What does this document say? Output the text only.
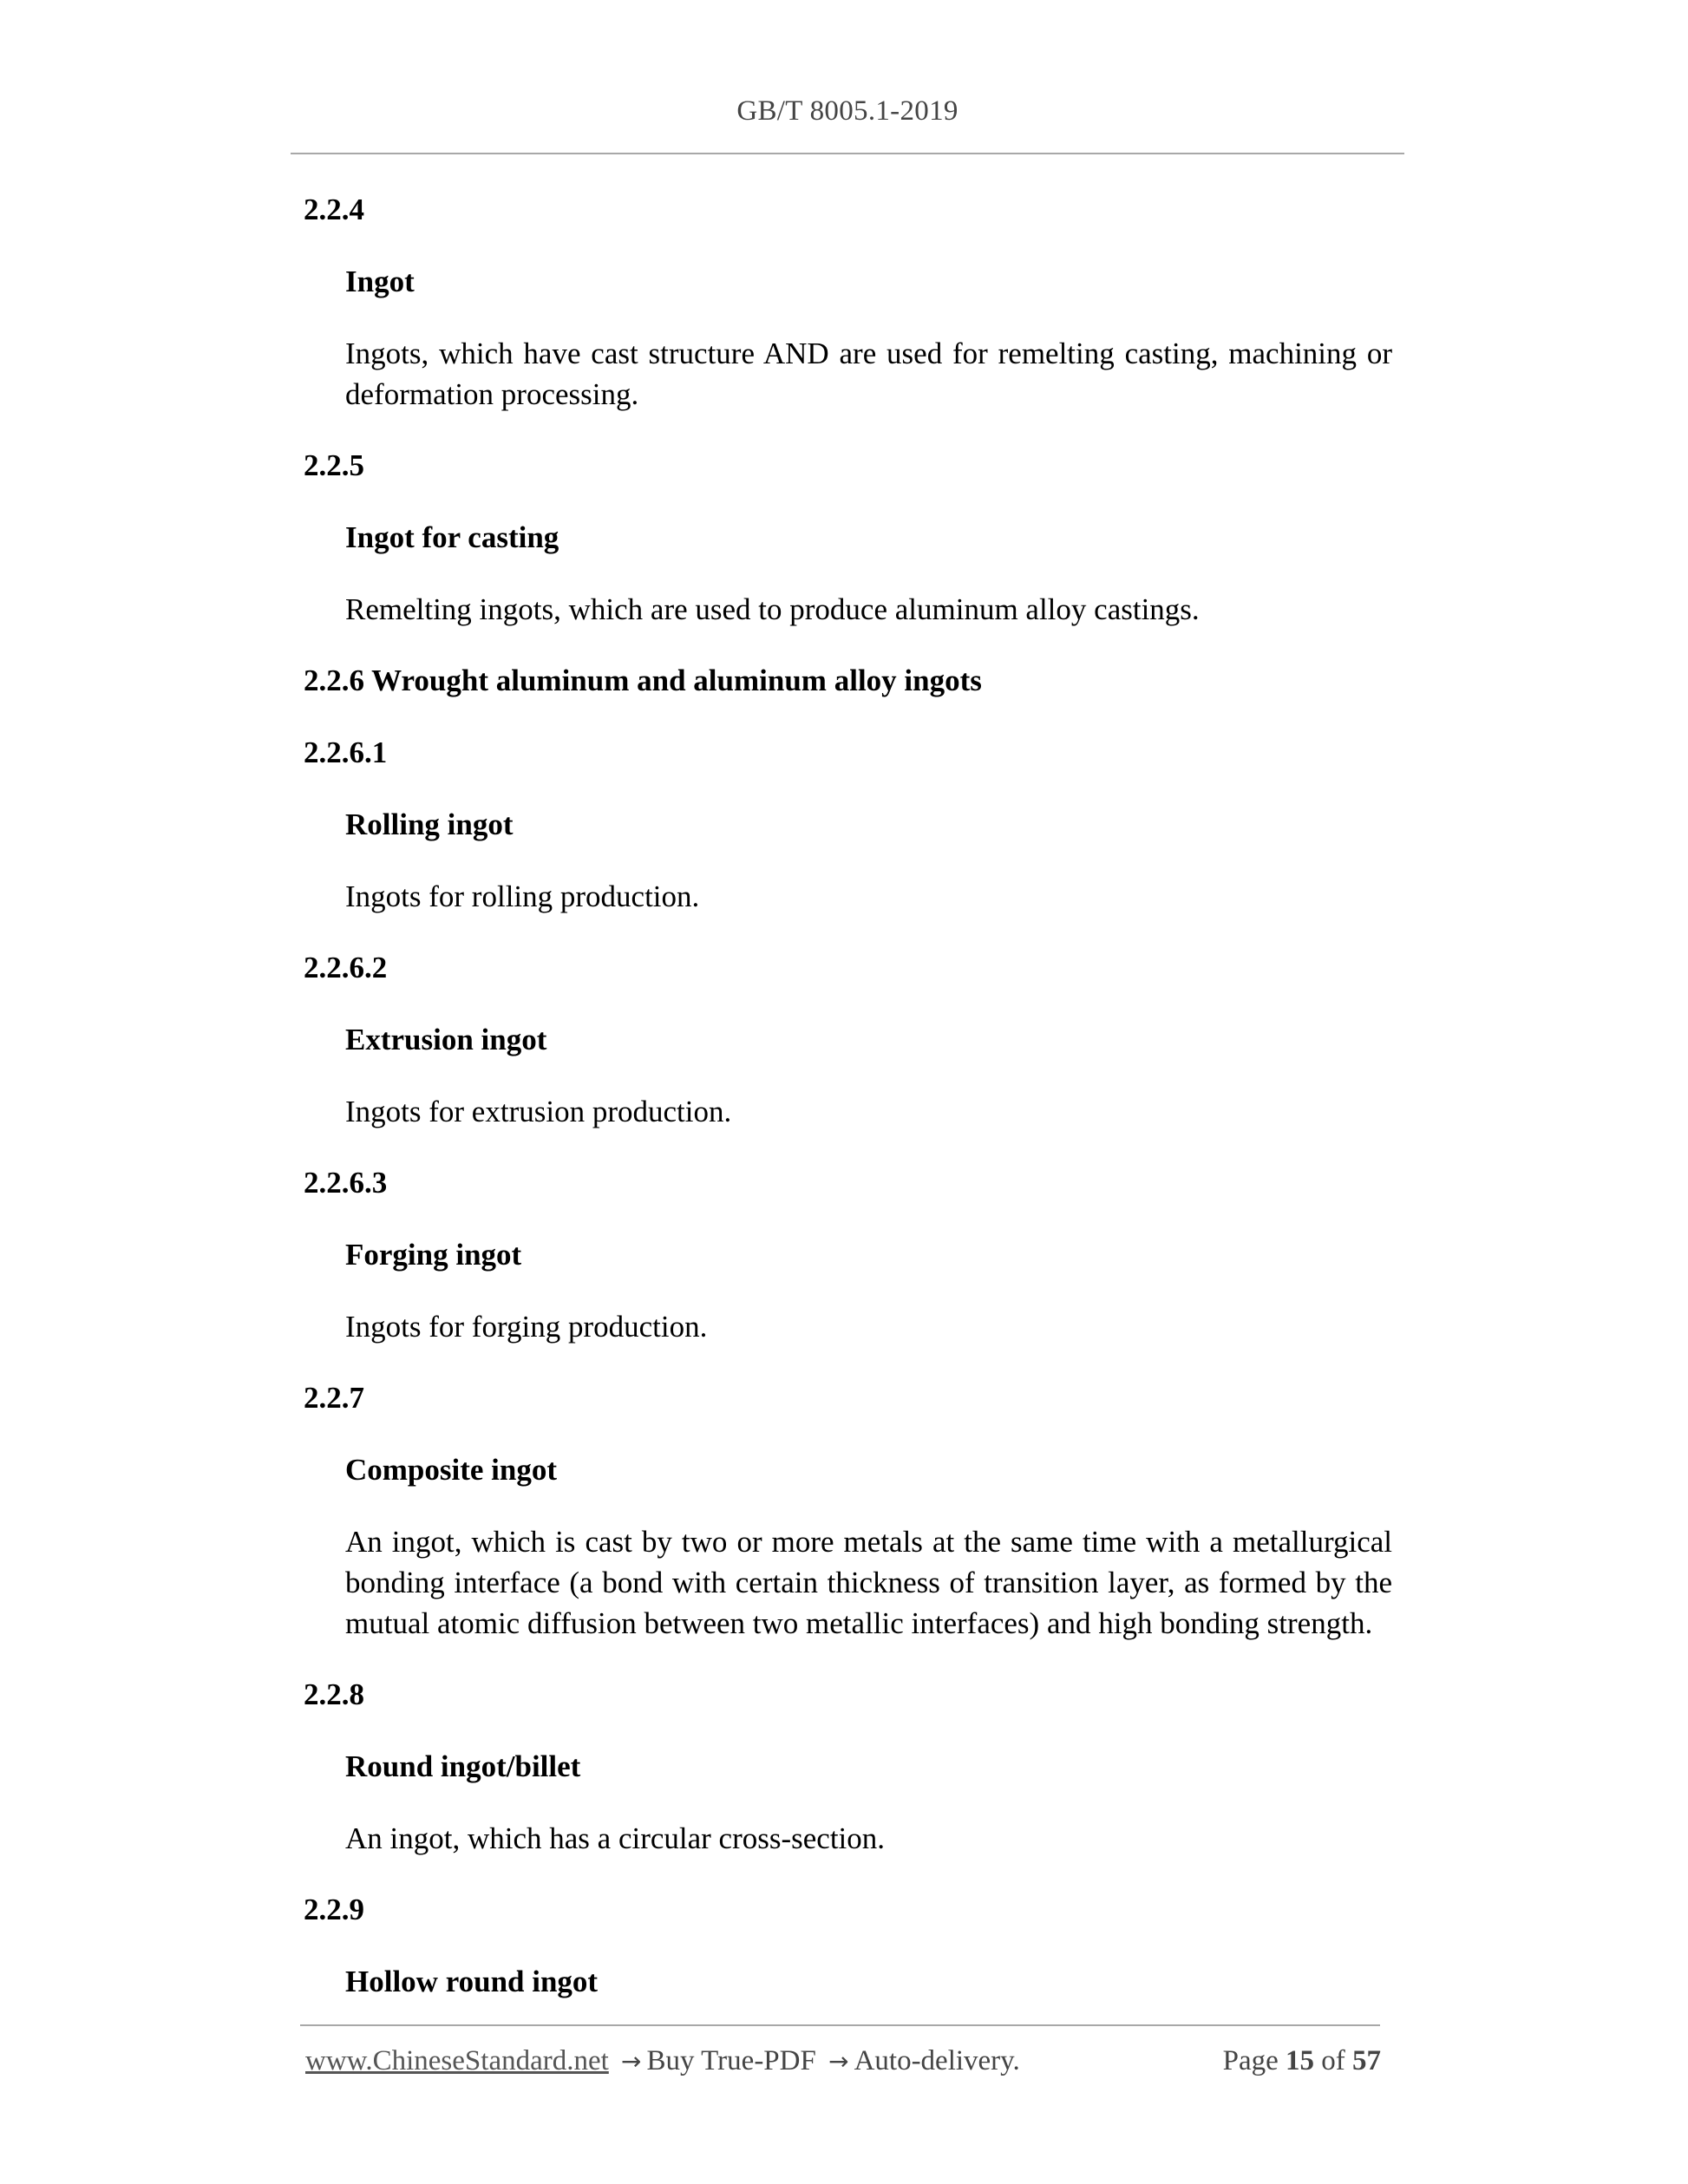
GB/T 8005.1-2019
2.2.4
Ingot
Ingots, which have cast structure AND are used for remelting casting, machining or deformation processing.
2.2.5
Ingot for casting
Remelting ingots, which are used to produce aluminum alloy castings.
2.2.6 Wrought aluminum and aluminum alloy ingots
2.2.6.1
Rolling ingot
Ingots for rolling production.
2.2.6.2
Extrusion ingot
Ingots for extrusion production.
2.2.6.3
Forging ingot
Ingots for forging production.
2.2.7
Composite ingot
An ingot, which is cast by two or more metals at the same time with a metallurgical bonding interface (a bond with certain thickness of transition layer, as formed by the mutual atomic diffusion between two metallic interfaces) and high bonding strength.
2.2.8
Round ingot/billet
An ingot, which has a circular cross-section.
2.2.9
Hollow round ingot
www.ChineseStandard.net → Buy True-PDF → Auto-delivery.	Page 15 of 57
